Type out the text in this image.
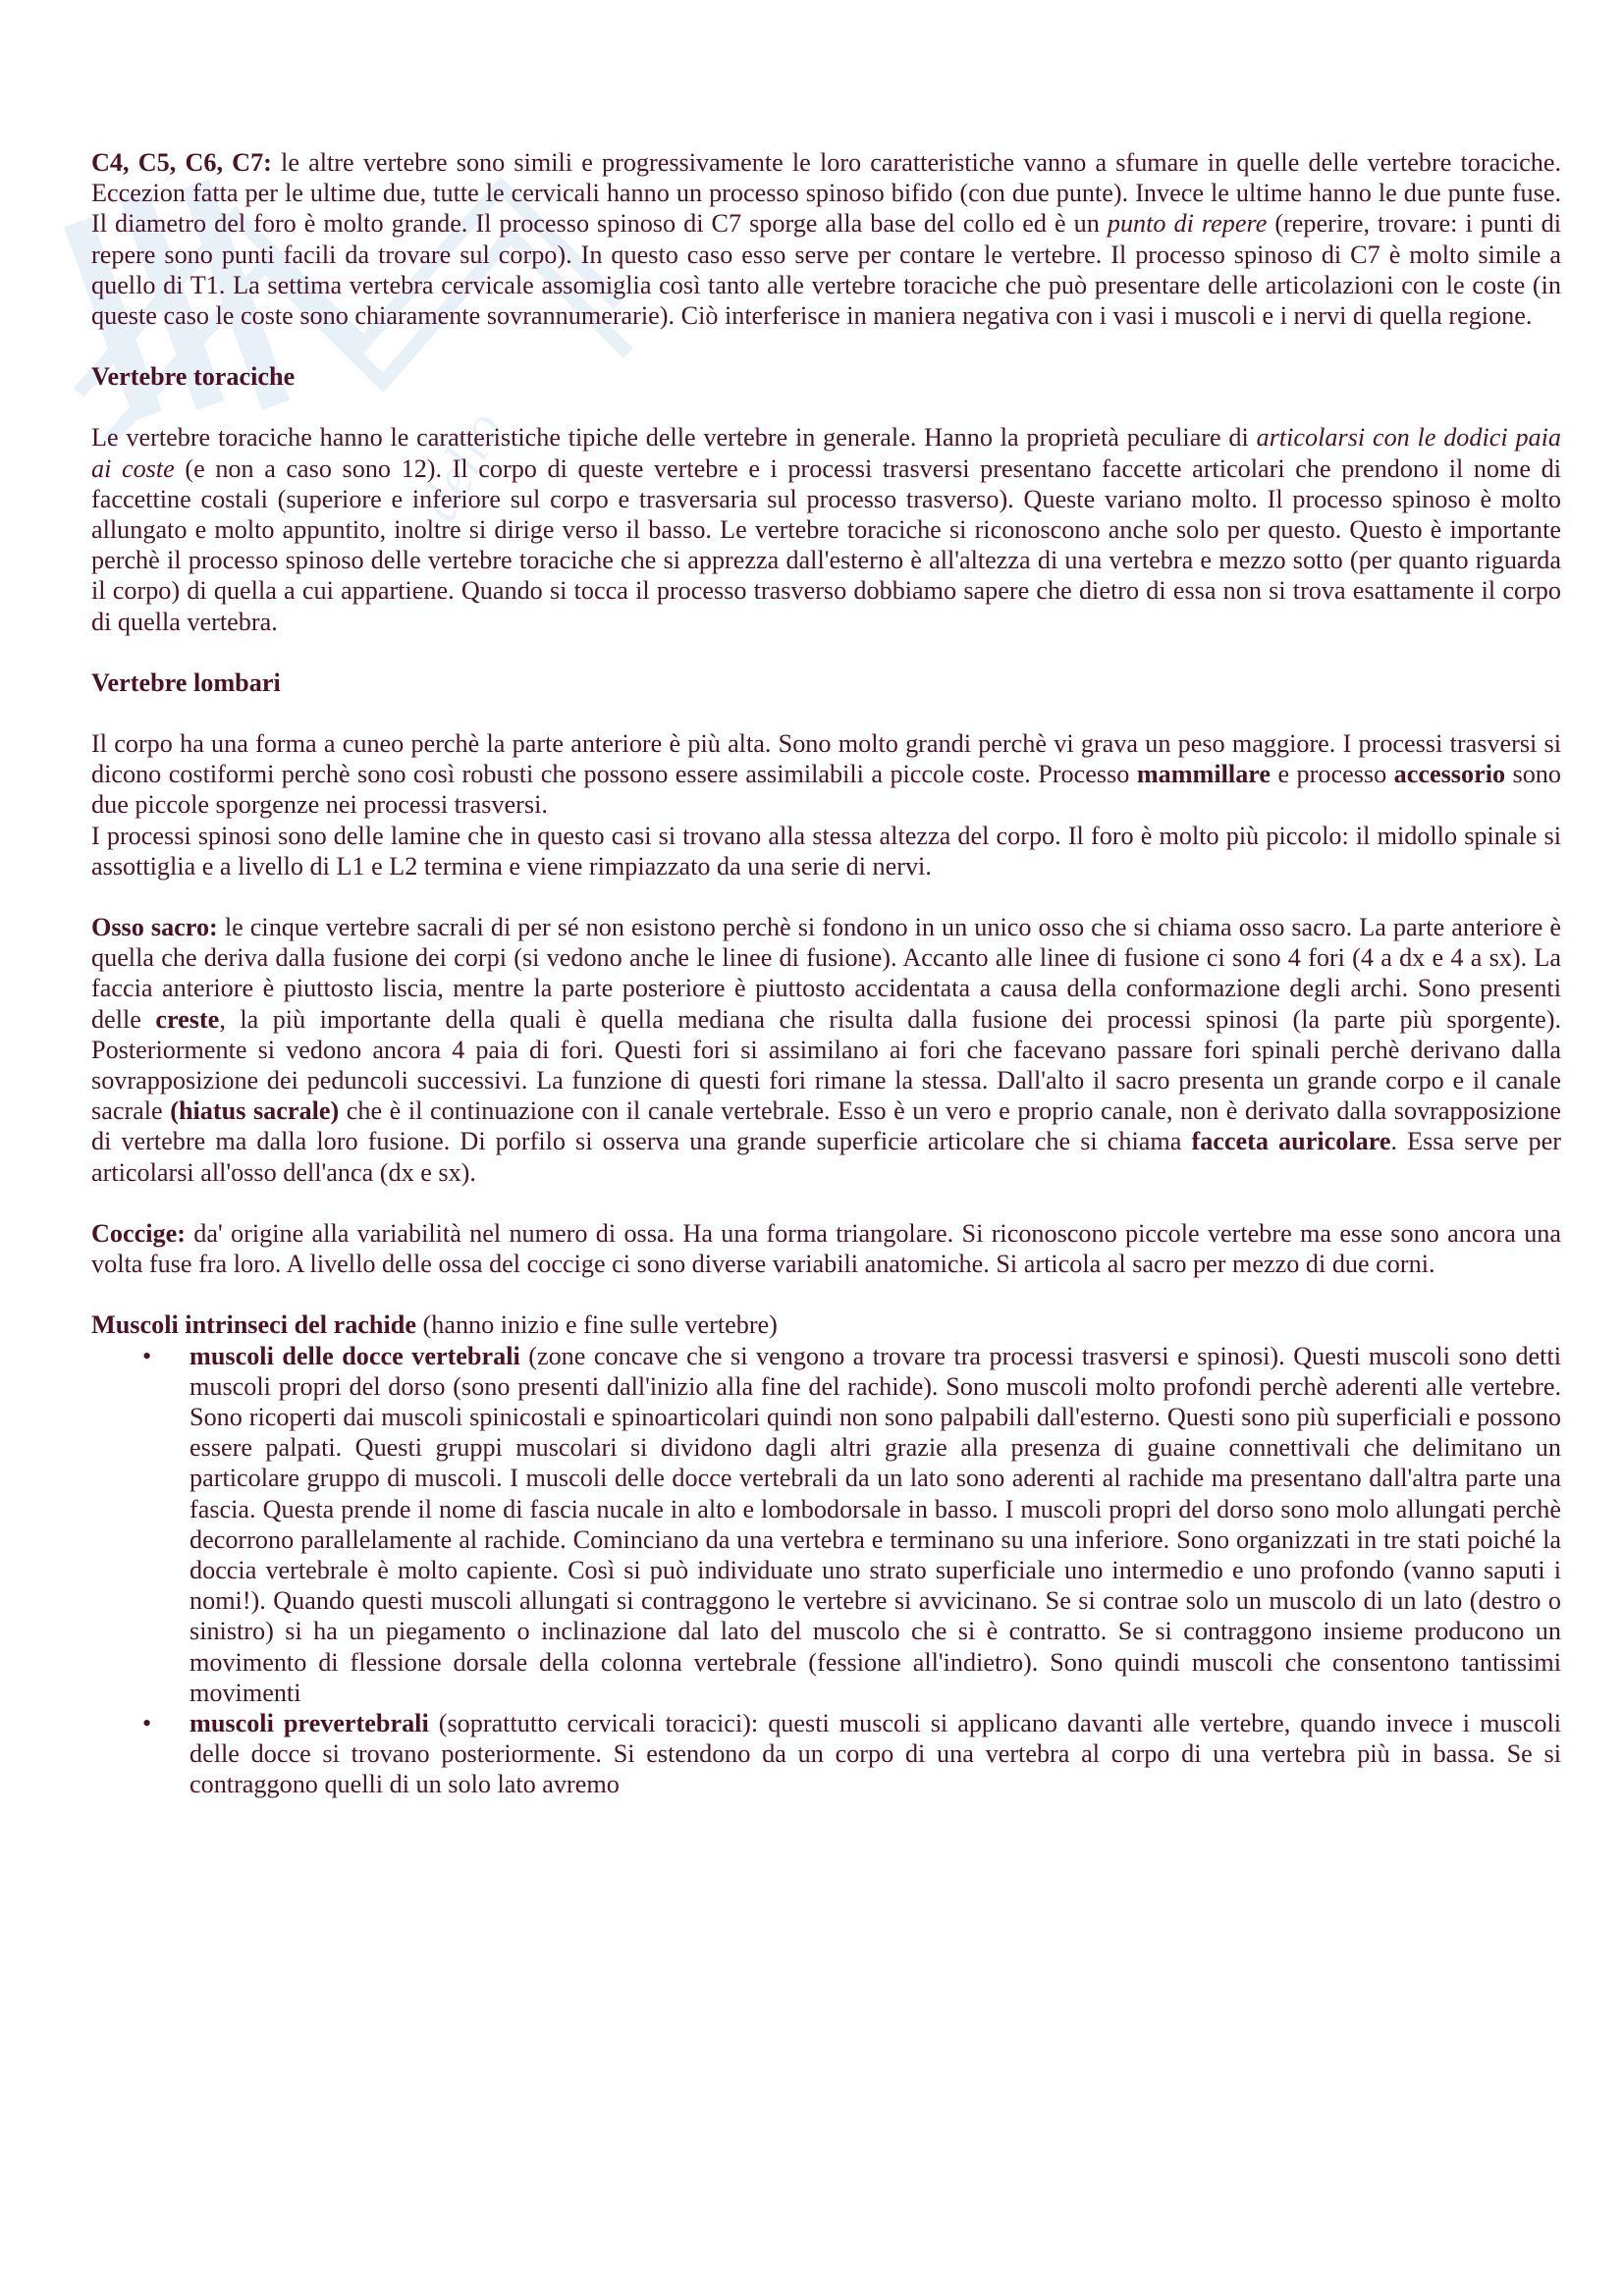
dello

C4, C5, C6, C7: le altre vertebre sono simili e progressivamente le loro caratteristiche vanno a sfumare in quelle delle vertebre toraciche. Eccezion fatta per le ultime due, tutte le cervicali hanno un processo spinoso bifido (con due punte). Invece le ultime hanno le due punte fuse. Il diametro del foro è molto grande. Il processo spinoso di C7 sporge alla base del collo ed è un punto di repere (reperire, trovare: i punti di repere sono punti facili da trovare sul corpo). In questo caso esso serve per contare le vertebre. Il processo spinoso di C7 è molto simile a quello di T1. La settima vertebra cervicale assomiglia così tanto alle vertebre toraciche che può presentare delle articolazioni con le coste (in queste caso le coste sono chiaramente sovrannumerarie). Ciò interferisce in maniera negativa con i vasi i muscoli e i nervi di quella regione.

Vertebre toraciche

Le vertebre toraciche hanno le caratteristiche tipiche delle vertebre in generale. Hanno la proprietà peculiare di articolarsi con le dodici paia ai coste (e non a caso sono 12). Il corpo di queste vertebre e i processi trasversi presentano faccette articolari che prendono il nome di faccettine costali (superiore e inferiore sul corpo e trasversaria sul processo trasverso). Queste variano molto. Il processo spinoso è molto allungato e molto appuntito, inoltre si dirige verso il basso. Le vertebre toraciche si riconoscono anche solo per questo. Questo è importante perchè il processo spinoso delle vertebre toraciche che si apprezza dall'esterno è all'altezza di una vertebra e mezzo sotto (per quanto riguarda il corpo) di quella a cui appartiene. Quando si tocca il processo trasverso dobbiamo sapere che dietro di essa non si trova esattamente il corpo di quella vertebra.

Vertebre lombari

Il corpo ha una forma a cuneo perchè la parte anteriore è più alta. Sono molto grandi perchè vi grava un peso maggiore. I processi trasversi si dicono costiformi perchè sono così robusti che possono essere assimilabili a piccole coste. Processo mammillare e processo accessorio sono due piccole sporgenze nei processi trasversi.

I processi spinosi sono delle lamine che in questo casi si trovano alla stessa altezza del corpo. Il foro è molto più piccolo: il midollo spinale si assottiglia e a livello di L1 e L2 termina e viene rimpiazzato da una serie di nervi.

Osso sacro: le cinque vertebre sacrali di per sé non esistono perchè si fondono in un unico osso che si chiama osso sacro. La parte anteriore è quella che deriva dalla fusione dei corpi (si vedono anche le linee di fusione). Accanto alle linee di fusione ci sono 4 fori (4 a dx e 4 a sx). La faccia anteriore è piuttosto liscia, mentre la parte posteriore è piuttosto accidentata a causa della conformazione degli archi. Sono presenti delle creste, la più importante della quali è quella mediana che risulta dalla fusione dei processi spinosi (la parte più sporgente). Posteriormente si vedono ancora 4 paia di fori. Questi fori si assimilano ai fori che facevano passare fori spinali perchè derivano dalla sovrapposizione dei peduncoli successivi. La funzione di questi fori rimane la stessa. Dall'alto il sacro presenta un grande corpo e il canale sacrale (hiatus sacrale) che è il continuazione con il canale vertebrale. Esso è un vero e proprio canale, non è derivato dalla sovrapposizione di vertebre ma dalla loro fusione. Di porfilo si osserva una grande superficie articolare che si chiama facceta auricolare. Essa serve per articolarsi all'osso dell'anca (dx e sx).

Coccige: da' origine alla variabilità nel numero di ossa. Ha una forma triangolare. Si riconoscono piccole vertebre ma esse sono ancora una volta fuse fra loro. A livello delle ossa del coccige ci sono diverse variabili anatomiche. Si articola al sacro per mezzo di due corni.

Muscoli intrinseci del rachide (hanno inizio e fine sulle vertebre)

• muscoli delle docce vertebrali (zone concave che si vengono a trovare tra processi trasversi e spinosi). Questi muscoli sono detti muscoli propri del dorso (sono presenti dall'inizio alla fine del rachide). Sono muscoli molto profondi perchè aderenti alle vertebre. Sono ricoperti dai muscoli spinicostali e spinoarticolari quindi non sono palpabili dall'esterno. Questi sono più superficiali e possono essere palpati. Questi gruppi muscolari si dividono dagli altri grazie alla presenza di guaine connettivali che delimitano un particolare gruppo di muscoli. I muscoli delle docce vertebrali da un lato sono aderenti al rachide ma presentano dall'altra parte una fascia. Questa prende il nome di fascia nucale in alto e lombodorsale in basso. I muscoli propri del dorso sono molo allungati perchè decorrono parallelamente al rachide. Cominciano da una vertebra e terminano su una inferiore. Sono organizzati in tre stati poiché la doccia vertebrale è molto capiente. Così si può individuate uno strato superficiale uno intermedio e uno profondo (vanno saputi i nomi!). Quando questi muscoli allungati si contraggono le vertebre si avvicinano. Se si contrae solo un muscolo di un lato (destro o sinistro) si ha un piegamento o inclinazione dal lato del muscolo che si è contratto. Se si contraggono insieme producono un movimento di flessione dorsale della colonna vertebrale (fessione all'indietro). Sono quindi muscoli che consentono tantissimi movimenti
• muscoli prevertebrali (soprattutto cervicali toracici): questi muscoli si applicano davanti alle vertebre, quando invece i muscoli delle docce si trovano posteriormente. Si estendono da un corpo di una vertebra al corpo di una vertebra più in bassa. Se si contraggono quelli di un solo lato avremo
